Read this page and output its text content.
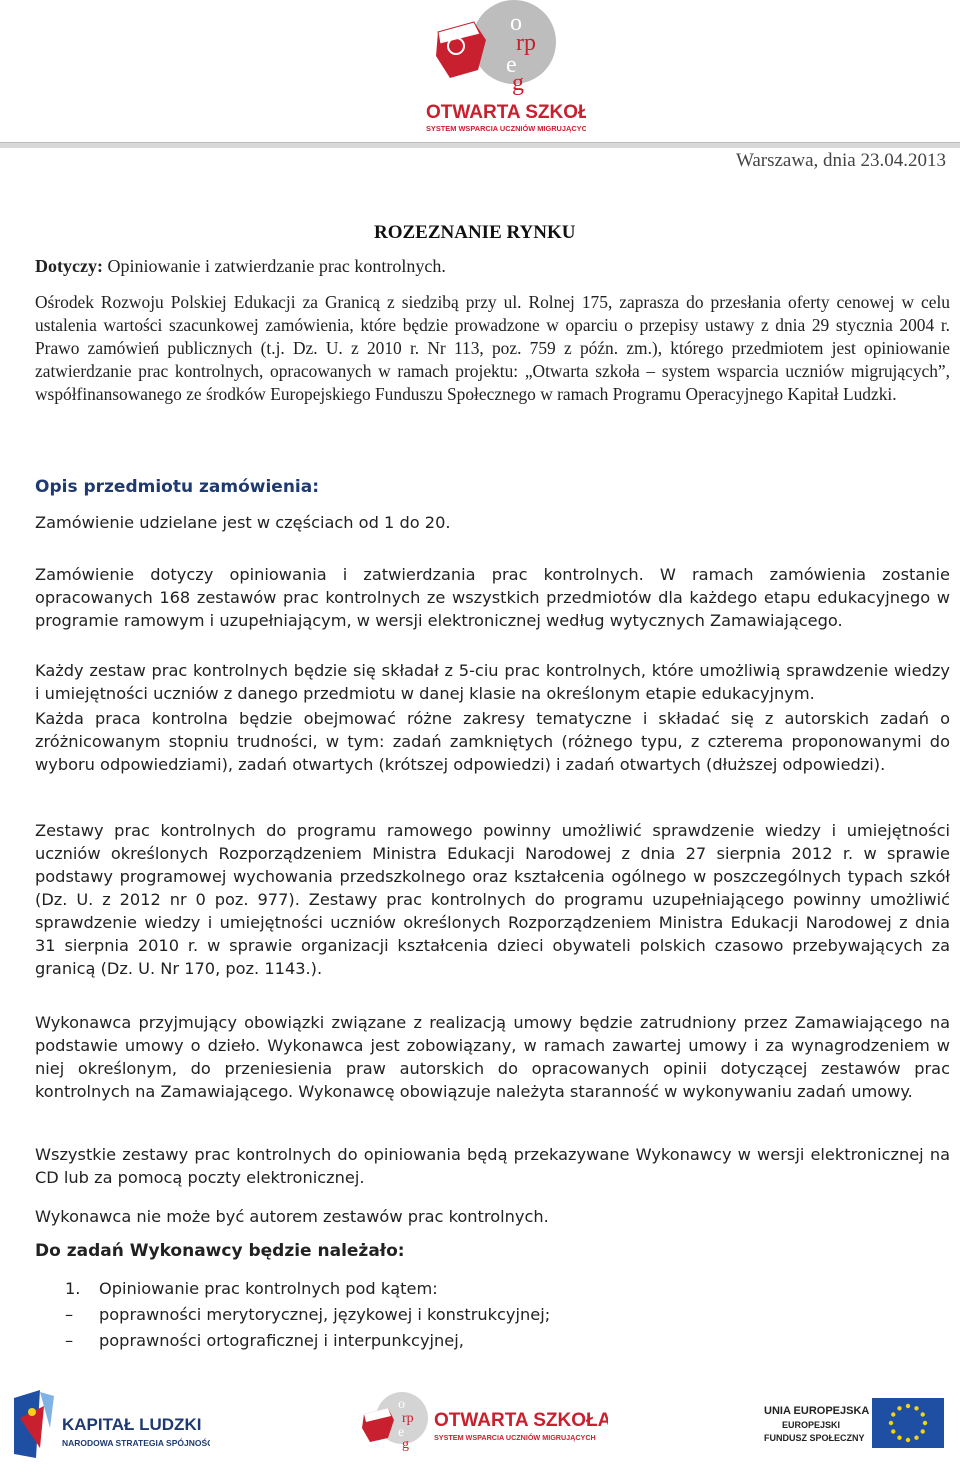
o
rp
e
g
OTWARTA SZKOŁA
SYSTEM WSPARCIA UCZNIÓW MIGRUJĄCYCH
Warszawa, dnia 23.04.2013
ROZEZNANIE RYNKU
Dotyczy: Opiniowanie i zatwierdzanie prac kontrolnych.
Ośrodek Rozwoju Polskiej Edukacji za Granicą z siedzibą przy ul. Rolnej 175, zaprasza do przesłania oferty cenowej w celu ustalenia wartości szacunkowej zamówienia, które będzie prowadzone w oparciu o przepisy ustawy z dnia 29 stycznia 2004 r. Prawo zamówień publicznych (t.j. Dz. U. z 2010 r. Nr 113, poz. 759 z późn. zm.), którego przedmiotem jest opiniowanie zatwierdzanie prac kontrolnych, opracowanych w ramach projektu: „Otwarta szkoła – system wsparcia uczniów migrujących”, współfinansowanego ze środków Europejskiego Funduszu Społecznego w ramach Programu Operacyjnego Kapitał Ludzki.
Opis przedmiotu zamówienia:
Zamówienie udzielane jest w częściach od 1 do 20.
Zamówienie dotyczy opiniowania i zatwierdzania prac kontrolnych. W ramach zamówienia zostanie opracowanych 168 zestawów prac kontrolnych ze wszystkich przedmiotów dla każdego etapu edukacyjnego w programie ramowym i uzupełniającym, w wersji elektronicznej według wytycznych Zamawiającego.
Każdy zestaw prac kontrolnych będzie się składał z 5-ciu prac kontrolnych, które umożliwią sprawdzenie wiedzy i umiejętności uczniów z danego przedmiotu w danej klasie na określonym etapie edukacyjnym.
Każda praca kontrolna będzie obejmować różne zakresy tematyczne i składać się z autorskich zadań o zróżnicowanym stopniu trudności, w tym: zadań zamkniętych (różnego typu, z czterema proponowanymi do wyboru odpowiedziami), zadań otwartych (krótszej odpowiedzi) i zadań otwartych (dłuższej odpowiedzi).
Zestawy prac kontrolnych do programu ramowego powinny umożliwić sprawdzenie wiedzy i umiejętności uczniów określonych Rozporządzeniem Ministra Edukacji Narodowej z dnia 27 sierpnia 2012 r. w sprawie podstawy programowej wychowania przedszkolnego oraz kształcenia ogólnego w poszczególnych typach szkół (Dz. U. z 2012 nr 0 poz. 977). Zestawy prac kontrolnych do programu uzupełniającego powinny umożliwić sprawdzenie wiedzy i umiejętności uczniów określonych Rozporządzeniem Ministra Edukacji Narodowej z dnia 31 sierpnia 2010 r. w sprawie organizacji kształcenia dzieci obywateli polskich czasowo przebywających za granicą (Dz. U. Nr 170, poz. 1143.).
Wykonawca przyjmujący obowiązki związane z realizacją umowy będzie zatrudniony przez Zamawiającego na podstawie umowy o dzieło. Wykonawca jest zobowiązany, w ramach zawartej umowy i za wynagrodzeniem w niej określonym, do przeniesienia praw autorskich do opracowanych opinii dotyczącej zestawów prac kontrolnych na Zamawiającego. Wykonawcę obowiązuje należyta staranność w wykonywaniu zadań umowy.
Wszystkie zestawy prac kontrolnych do opiniowania będą przekazywane Wykonawcy w wersji elektronicznej na CD lub za pomocą poczty elektronicznej.
Wykonawca nie może być autorem zestawów prac kontrolnych.
Do zadań Wykonawcy będzie należało:
1.	Opiniowanie prac kontrolnych pod kątem:
–	poprawności merytorycznej, językowej i konstrukcyjnej;
–	poprawności ortograficznej i interpunkcyjnej,
KAPITAŁ LUDZKI
NARODOWA STRATEGIA SPÓJNOŚCI
o
rp
e
g
OTWARTA SZKOŁA
SYSTEM WSPARCIA UCZNIÓW MIGRUJĄCYCH
UNIA EUROPEJSKA
EUROPEJSKI
FUNDUSZ SPOŁECZNY
